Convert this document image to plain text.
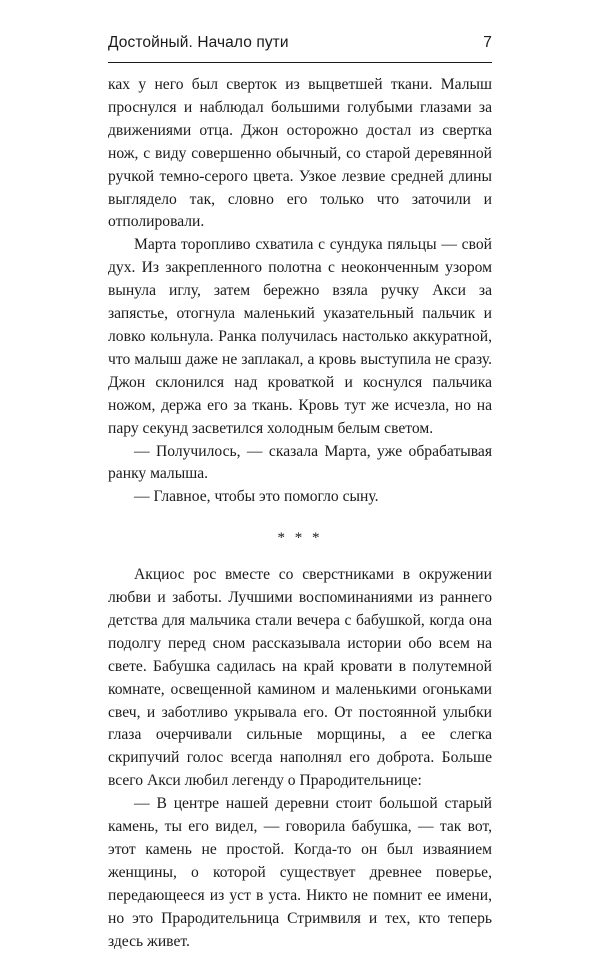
Достойный. Начало пути	7

ках у него был сверток из выцветшей ткани. Малыш проснулся и наблюдал большими голубыми глазами за движениями отца. Джон осторожно достал из свертка нож, с виду совершенно обычный, со старой деревянной ручкой темно-серого цвета. Узкое лезвие средней длины выглядело так, словно его только что заточили и отполировали.

Марта торопливо схватила с сундука пяльцы — свой дух. Из закрепленного полотна с неоконченным узором вынула иглу, затем бережно взяла ручку Акси за запястье, отогнула маленький указательный пальчик и ловко кольнула. Ранка получилась настолько аккуратной, что малыш даже не заплакал, а кровь выступила не сразу. Джон склонился над кроваткой и коснулся пальчика ножом, держа его за ткань. Кровь тут же исчезла, но на пару секунд засветился холодным белым светом.

— Получилось, — сказала Марта, уже обрабатывая ранку малыша.

— Главное, чтобы это помогло сыну.

* * *

Акциос рос вместе со сверстниками в окружении любви и заботы. Лучшими воспоминаниями из раннего детства для мальчика стали вечера с бабушкой, когда она подолгу перед сном рассказывала истории обо всем на свете. Бабушка садилась на край кровати в полутемной комнате, освещенной камином и маленькими огоньками свеч, и заботливо укрывала его. От постоянной улыбки глаза очерчивали сильные морщины, а ее слегка скрипучий голос всегда наполнял его доброта. Больше всего Акси любил легенду о Прародительнице:

— В центре нашей деревни стоит большой старый камень, ты его видел, — говорила бабушка, — так вот, этот камень не простой. Когда-то он был изваянием женщины, о которой существует древнее поверье, передающееся из уст в уста. Никто не помнит ее имени, но это Прародительница Стримвиля и тех, кто теперь здесь живет.
